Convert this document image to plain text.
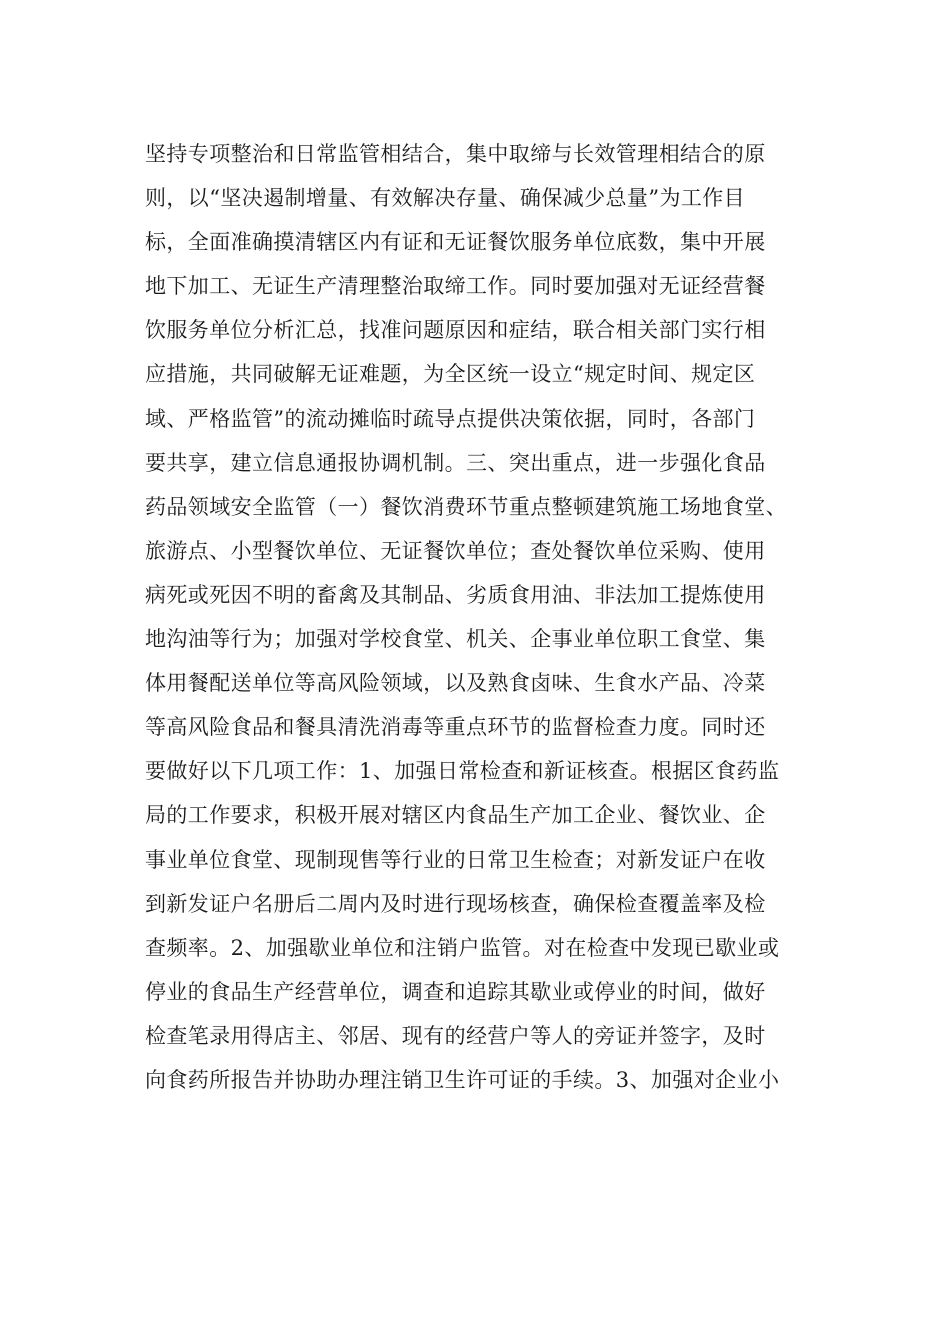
坚持专项整治和日常监管相结合，集中取缔与长效管理相结合的原
则，以“坚决遏制增量、有效解决存量、确保减少总量”为工作目
标，全面准确摸清辖区内有证和无证餐饮服务单位底数，集中开展
地下加工、无证生产清理整治取缔工作。同时要加强对无证经营餐
饮服务单位分析汇总，找准问题原因和症结，联合相关部门实行相
应措施，共同破解无证难题，为全区统一设立“规定时间、规定区
域、严格监管”的流动摊临时疏导点提供决策依据，同时，各部门
要共享，建立信息通报协调机制。三、突出重点，进一步强化食品
药品领域安全监管（一）餐饮消费环节重点整顿建筑施工场地食堂、
旅游点、小型餐饮单位、无证餐饮单位；查处餐饮单位采购、使用
病死或死因不明的畜禽及其制品、劣质食用油、非法加工提炼使用
地沟油等行为；加强对学校食堂、机关、企事业单位职工食堂、集
体用餐配送单位等高风险领域，以及熟食卤味、生食水产品、冷菜
等高风险食品和餐具清洗消毒等重点环节的监督检查力度。同时还
要做好以下几项工作：1、加强日常检查和新证核查。根据区食药监
局的工作要求，积极开展对辖区内食品生产加工企业、餐饮业、企
事业单位食堂、现制现售等行业的日常卫生检查；对新发证户在收
到新发证户名册后二周内及时进行现场核查，确保检查覆盖率及检
查频率。2、加强歇业单位和注销户监管。对在检查中发现已歇业或
停业的食品生产经营单位，调查和追踪其歇业或停业的时间，做好
检查笔录用得店主、邻居、现有的经营户等人的旁证并签字，及时
向食药所报告并协助办理注销卫生许可证的手续。3、加强对企业小
